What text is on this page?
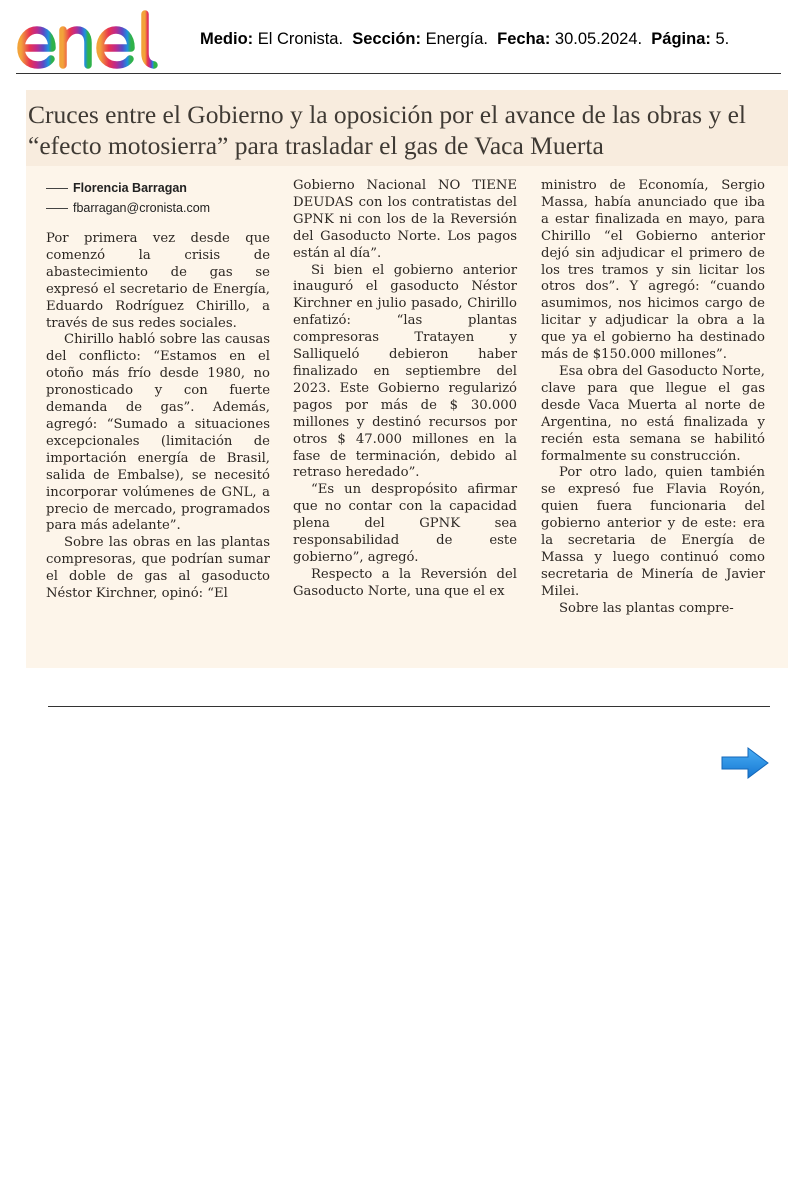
Medio: El Cronista. Sección: Energía. Fecha: 30.05.2024. Página: 5.
Cruces entre el Gobierno y la oposición por el avance de las obras y el “efecto motosierra” para trasladar el gas de Vaca Muerta
Florencia Barragan
fbarragan@cronista.com

Por primera vez desde que comenzó la crisis de abastecimiento de gas se expresó el secretario de Energía, Eduardo Rodríguez Chirillo, a través de sus redes sociales.

Chirillo habló sobre las causas del conflicto: “Estamos en el otoño más frío desde 1980, no pronosticado y con fuerte demanda de gas”. Además, agregó: “Sumado a situaciones excepcionales (limitación de importación energía de Brasil, salida de Embalse), se necesitó incorporar volúmenes de GNL, a precio de mercado, programados para más adelante”.

Sobre las obras en las plantas compresoras, que podrían sumar el doble de gas al gasoducto Néstor Kirchner, opinó: “El

Gobierno Nacional NO TIENE DEUDAS con los contratistas del GPNK ni con los de la Reversión del Gasoducto Norte. Los pagos están al día”.

Si bien el gobierno anterior inauguró el gasoducto Néstor Kirchner en julio pasado, Chirillo enfatizó: “las plantas compresoras Tratayen y Salliqueló debieron haber finalizado en septiembre del 2023. Este Gobierno regularizó pagos por más de $ 30.000 millones y destinó recursos por otros $ 47.000 millones en la fase de terminación, debido al retraso heredado”.

“Es un despropósito afirmar que no contar con la capacidad plena del GPNK sea responsabilidad de este gobierno”, agregó.

Respecto a la Reversión del Gasoducto Norte, una que el ex

ministro de Economía, Sergio Massa, había anunciado que iba a estar finalizada en mayo, para Chirillo “el Gobierno anterior dejó sin adjudicar el primero de los tres tramos y sin licitar los otros dos”. Y agregó: “cuando asumimos, nos hicimos cargo de licitar y adjudicar la obra a la que ya el gobierno ha destinado más de $150.000 millones”.

Esa obra del Gasoducto Norte, clave para que llegue el gas desde Vaca Muerta al norte de Argentina, no está finalizada y recién esta semana se habilitó formalmente su construcción.

Por otro lado, quien también se expresó fue Flavia Royón, quien fuera funcionaria del gobierno anterior y de este: era la secretaria de Energía de Massa y luego continuó como secretaria de Minería de Javier Milei.

Sobre las plantas compre-
